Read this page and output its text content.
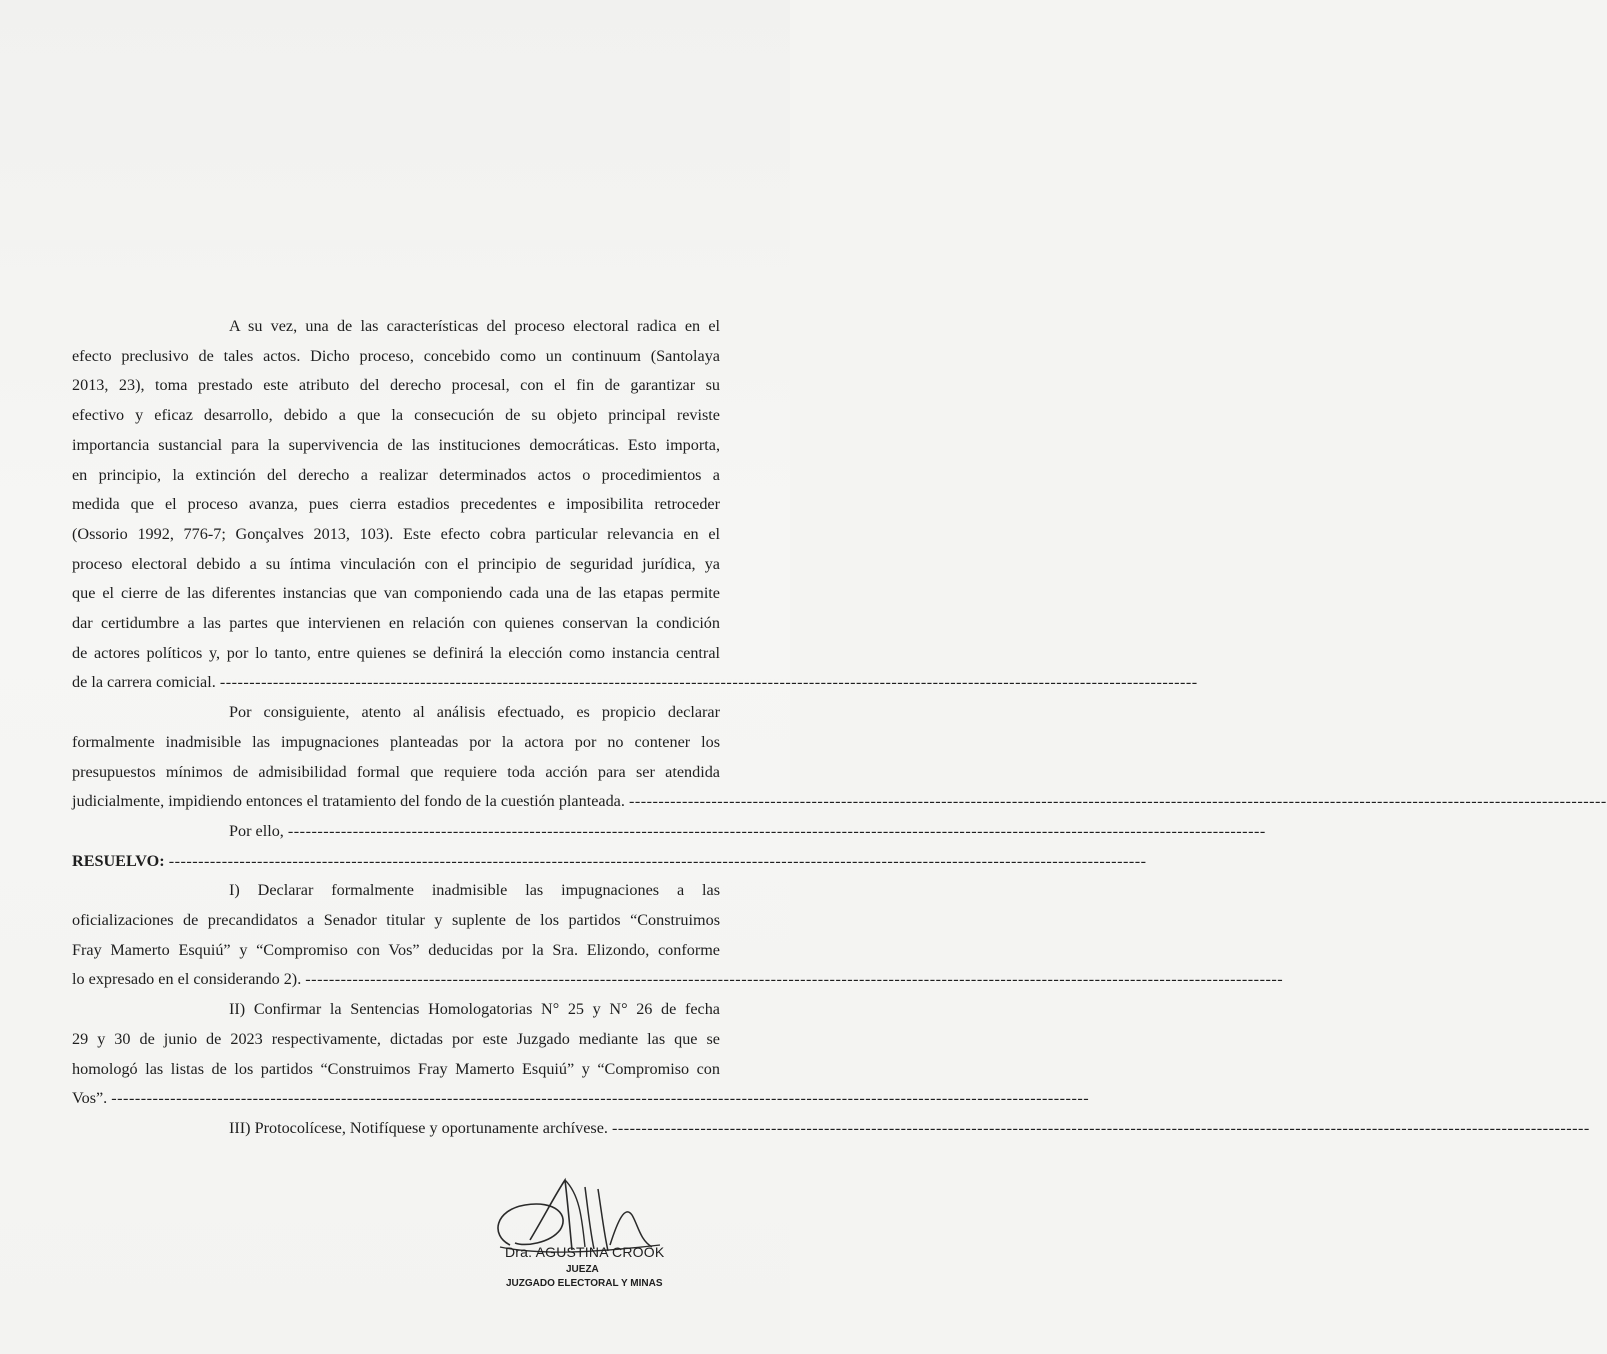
A su vez, una de las características del proceso electoral radica en el
efecto preclusivo de tales actos. Dicho proceso, concebido como un continuum (Santolaya
2013, 23), toma prestado este atributo del derecho procesal, con el fin de garantizar su
efectivo y eficaz desarrollo, debido a que la consecución de su objeto principal reviste
importancia sustancial para la supervivencia de las instituciones democráticas. Esto importa,
en principio, la extinción del derecho a realizar determinados actos o procedimientos a
medida que el proceso avanza, pues cierra estadios precedentes e imposibilita retroceder
(Ossorio 1992, 776-7; Gonçalves 2013, 103). Este efecto cobra particular relevancia en el
proceso electoral debido a su íntima vinculación con el principio de seguridad jurídica, ya
que el cierre de las diferentes instancias que van componiendo cada una de las etapas permite
dar certidumbre a las partes que intervienen en relación con quienes conservan la condición
de actores políticos y, por lo tanto, entre quienes se definirá la elección como instancia central
de la carrera comicial.
----------------------------------------------------------------------------------------------------------------------------------------------------------------------
Por consiguiente, atento al análisis efectuado, es propicio declarar
formalmente inadmisible las impugnaciones planteadas por la actora por no contener los
presupuestos mínimos de admisibilidad formal que requiere toda acción para ser atendida
judicialmente, impidiendo entonces el tratamiento del fondo de la cuestión planteada.
----------------------------------------------------------------------------------------------------------------------------------------------------------------------
Por ello,
----------------------------------------------------------------------------------------------------------------------------------------------------------------------
RESUELVO:
----------------------------------------------------------------------------------------------------------------------------------------------------------------------
I) Declarar formalmente inadmisible las impugnaciones a las
oficializaciones de precandidatos a Senador titular y suplente de los partidos “Construimos
Fray Mamerto Esquiú” y “Compromiso con Vos” deducidas por la Sra. Elizondo, conforme
lo expresado en el considerando 2).
----------------------------------------------------------------------------------------------------------------------------------------------------------------------
II) Confirmar la Sentencias Homologatorias N° 25 y N° 26 de fecha
29 y 30 de junio de 2023 respectivamente, dictadas por este Juzgado mediante las que se
homologó las listas de los partidos “Construimos Fray Mamerto Esquiú” y “Compromiso con
Vos”.
----------------------------------------------------------------------------------------------------------------------------------------------------------------------
III) Protocolícese, Notifíquese y oportunamente archívese.
----------------------------------------------------------------------------------------------------------------------------------------------------------------------
Dra. AGUSTINA CROOK
JUEZA
JUZGADO ELECTORAL Y MINAS
